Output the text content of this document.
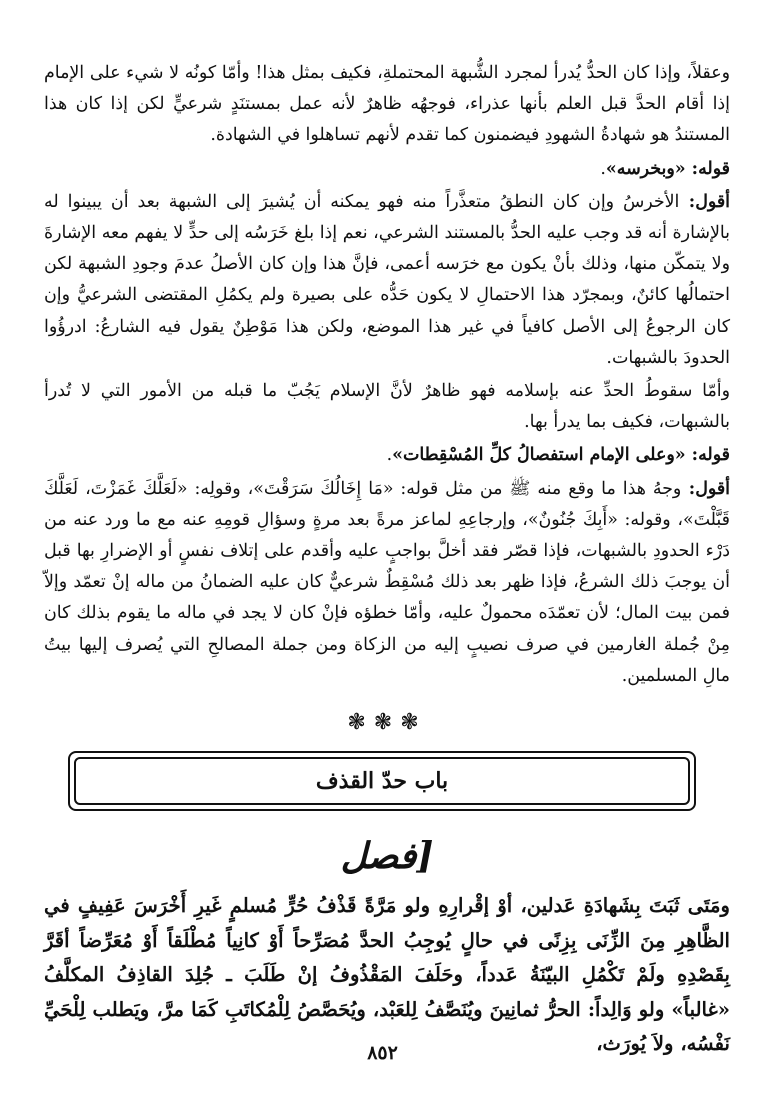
وعقلاً، وإذا كان الحدُّ يُدرأ لمجرد الشُّبهة المحتملةِ، فكيف بمثل هذا! وأمّا كونُه لا شيء على الإمام إذا أقام الحدَّ قبل العلم بأنها عذراء، فوجهُه ظاهرٌ لأنه عمل بمستنَدٍ شرعيٍّ لكن إذا كان هذا المستندُ هو شهادةُ الشهودِ فيضمنون كما تقدم لأنهم تساهلوا في الشهادة.

قوله: «وبخرسه».

أقول: الأخرسُ وإن كان النطقُ متعذَّراً منه فهو يمكنه أن يُشيرَ إلى الشبهة بعد أن يبينوا له بالإشارة أنه قد وجب عليه الحدُّ بالمستند الشرعي، نعم إذا بلغ خَرَسُه إلى حدٍّ لا يفهم معه الإشارةَ ولا يتمكّن منها، وذلك بأنْ يكون مع خرَسه أعمى، فإنَّ هذا وإن كان الأصلُ عدمَ وجودِ الشبهة لكن احتمالُها كائنٌ، وبمجرّد هذا الاحتمالِ لا يكون حَدُّه على بصيرة ولم يكمُلِ المقتضى الشرعيُّ وإن كان الرجوعُ إلى الأصل كافياً في غير هذا الموضع، ولكن هذا مَوْطِنٌ يقول فيه الشارعُ: ادرؤُوا الحدودَ بالشبهات.

وأمّا سقوطُ الحدِّ عنه بإسلامه فهو ظاهرٌ لأنَّ الإسلام يَجُبّ ما قبله من الأمور التي لا تُدرأ بالشبهات، فكيف بما يدرأ بها.

قوله: «وعلى الإمام استفصالُ كلِّ المُسْقِطات».

أقول: وجهُ هذا ما وقع منه ﷺ من مثل قوله: «مَا إِخَالُكَ سَرَقْتَ»، وقولِه: «لَعَلَّكَ غَمَزْتَ، لَعَلَّكَ قَبَّلْتَ»، وقوله: «أَبِكَ جُنُونٌ»، وإرجاعِهِ لماعز مرةً بعد مرةٍ وسؤالِ قومِهِ عنه مع ما ورد عنه من دَرْء الحدودِ بالشبهات، فإذا قصّر فقد أخلَّ بواجبٍ عليه وأقدم على إتلاف نفسٍ أو الإضرارِ بها قبل أن يوجبَ ذلك الشرعُ، فإذا ظهر بعد ذلك مُسْقِطٌ شرعيٌّ كان عليه الضمانُ من ماله إنْ تعمّد وإلاّ فمن بيت المال؛ لأن تعمّدَه محمولٌ عليه، وأمّا خطؤه فإنْ كان لا يجد في ماله ما يقوم بذلك كان مِنْ جُملة الغارمين في صرف نصيبٍ إليه من الزكاة ومن جملة المصالحِ التي يُصرف إليها بيتُ مالِ المسلمين.

❃❃❃
باب حدّ القذف
[فصل

ومَتَى ثَبَتَ بِشَهادَةِ عَدلين، أوْ إقْرارِهِ ولو مَرَّةً قَذْفُ حُرٍّ مُسلمٍ غَيرِ أَخْرَسَ عَفِيفٍ في الظَّاهِرِ مِنَ الزِّنَى بِزِنًى في حالٍ يُوجِبُ الحدَّ مُصَرِّحاً أَوْ كانِياً مُطْلَقاً أَوْ مُعَرِّضاً أقَرَّ بِقَصْدِهِ ولَمْ تَكْمُلِ البيّنَةُ عَدداً، وحَلَفَ المَقْذُوفُ إنْ طَلَبَ ـ جُلِدَ القاذِفُ المكلَّفُ «غالباً» ولو وَالِداً: الحرُّ ثمانِينَ ويُنَصَّفُ لِلعَبْد، ويُحَصَّصُ لِلْمُكاتَبِ كَمَا مرَّ، ويَطلب لِلْحَيِّ نَفْسُه، ولاَ يُورَث،

٨٥٢
